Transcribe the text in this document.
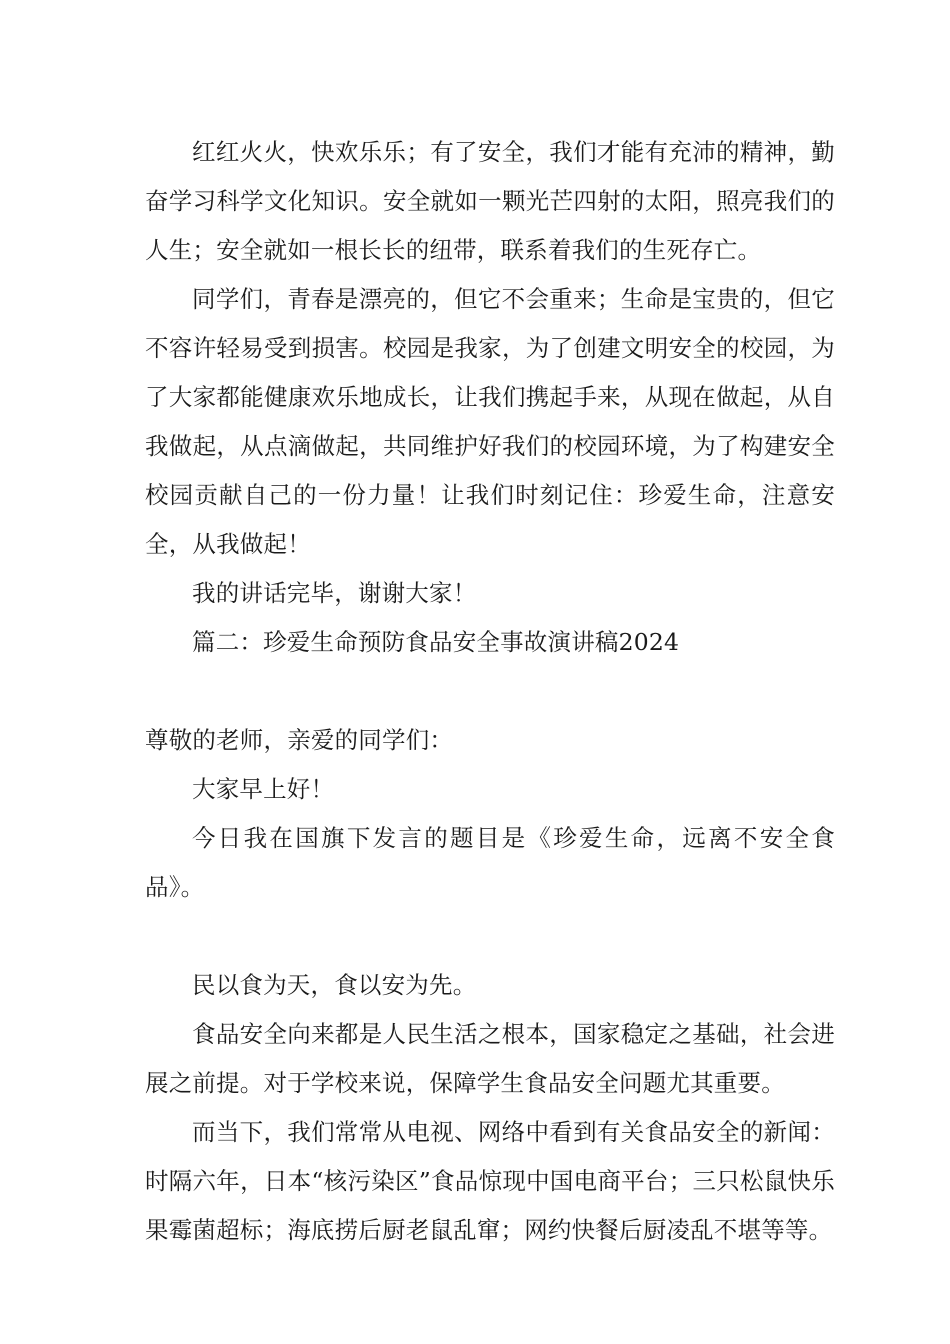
红红火火，快欢乐乐；有了安全，我们才能有充沛的精神，勤奋学习科学文化知识。安全就如一颗光芒四射的太阳，照亮我们的人生；安全就如一根长长的纽带，联系着我们的生死存亡。

同学们，青春是漂亮的，但它不会重来；生命是宝贵的，但它不容许轻易受到损害。校园是我家，为了创建文明安全的校园，为了大家都能健康欢乐地成长，让我们携起手来，从现在做起，从自我做起，从点滴做起，共同维护好我们的校园环境，为了构建安全校园贡献自己的一份力量！让我们时刻记住：珍爱生命，注意安全，从我做起！

我的讲话完毕，谢谢大家！

篇二：珍爱生命预防食品安全事故演讲稿2024

尊敬的老师，亲爱的同学们：

大家早上好！

今日我在国旗下发言的题目是《珍爱生命，远离不安全食品》。

民以食为天，食以安为先。

食品安全向来都是人民生活之根本，国家稳定之基础，社会进展之前提。对于学校来说，保障学生食品安全问题尤其重要。

而当下，我们常常从电视、网络中看到有关食品安全的新闻：时隔六年，日本“核污染区”食品惊现中国电商平台；三只松鼠快乐果霉菌超标；海底捞后厨老鼠乱窜；网约快餐后厨凌乱不堪等等。
